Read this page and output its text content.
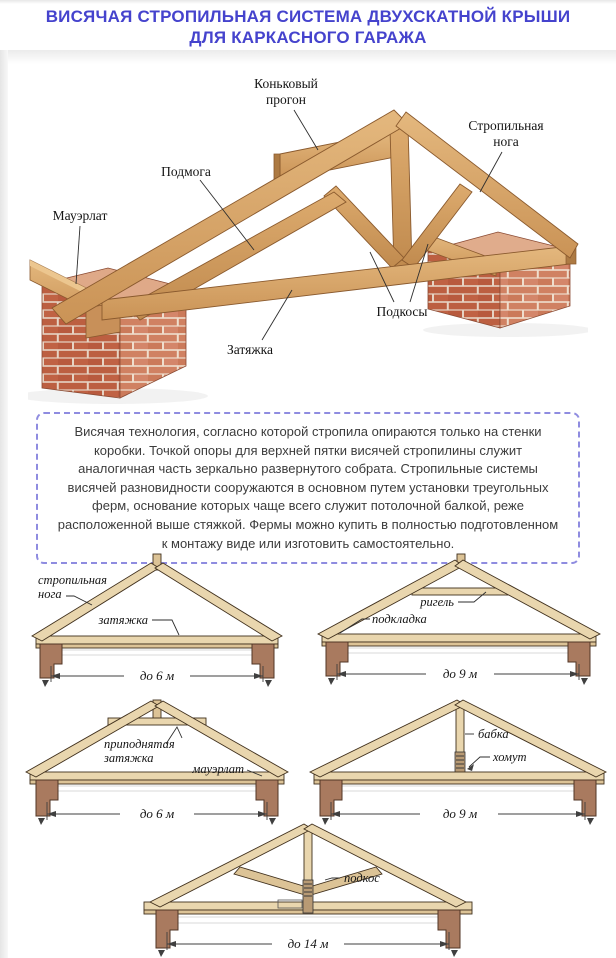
ВИСЯЧАЯ СТРОПИЛЬНАЯ СИСТЕМА ДВУХСКАТНОЙ КРЫШИ
ДЛЯ КАРКАСНОГО ГАРАЖА
Коньковый
прогон
Стропильная
нога
Подмога
Мауэрлат
Подкосы
Затяжка

Висячая технология, согласно которой стропила опираются только на стенки коробки. Точкой опоры для верхней пятки висячей стропилины служит аналогичная часть зеркально развернутого собрата. Стропильные системы висячей разновидности сооружаются в основном путем установки треугольных ферм, основание которых чаще всего служит потолочной балкой, реже расположенной выше стяжкой. Фермы можно купить в полностью подготовленном к монтажу виде или изготовить самостоятельно.

до 6 м
стропильная
нога
затяжка
до 9 м
ригель
подкладка
до 6 м
приподнятая
затяжка
мауэрлат
до 9 м
бабка
хомут
до 14 м
подкос
